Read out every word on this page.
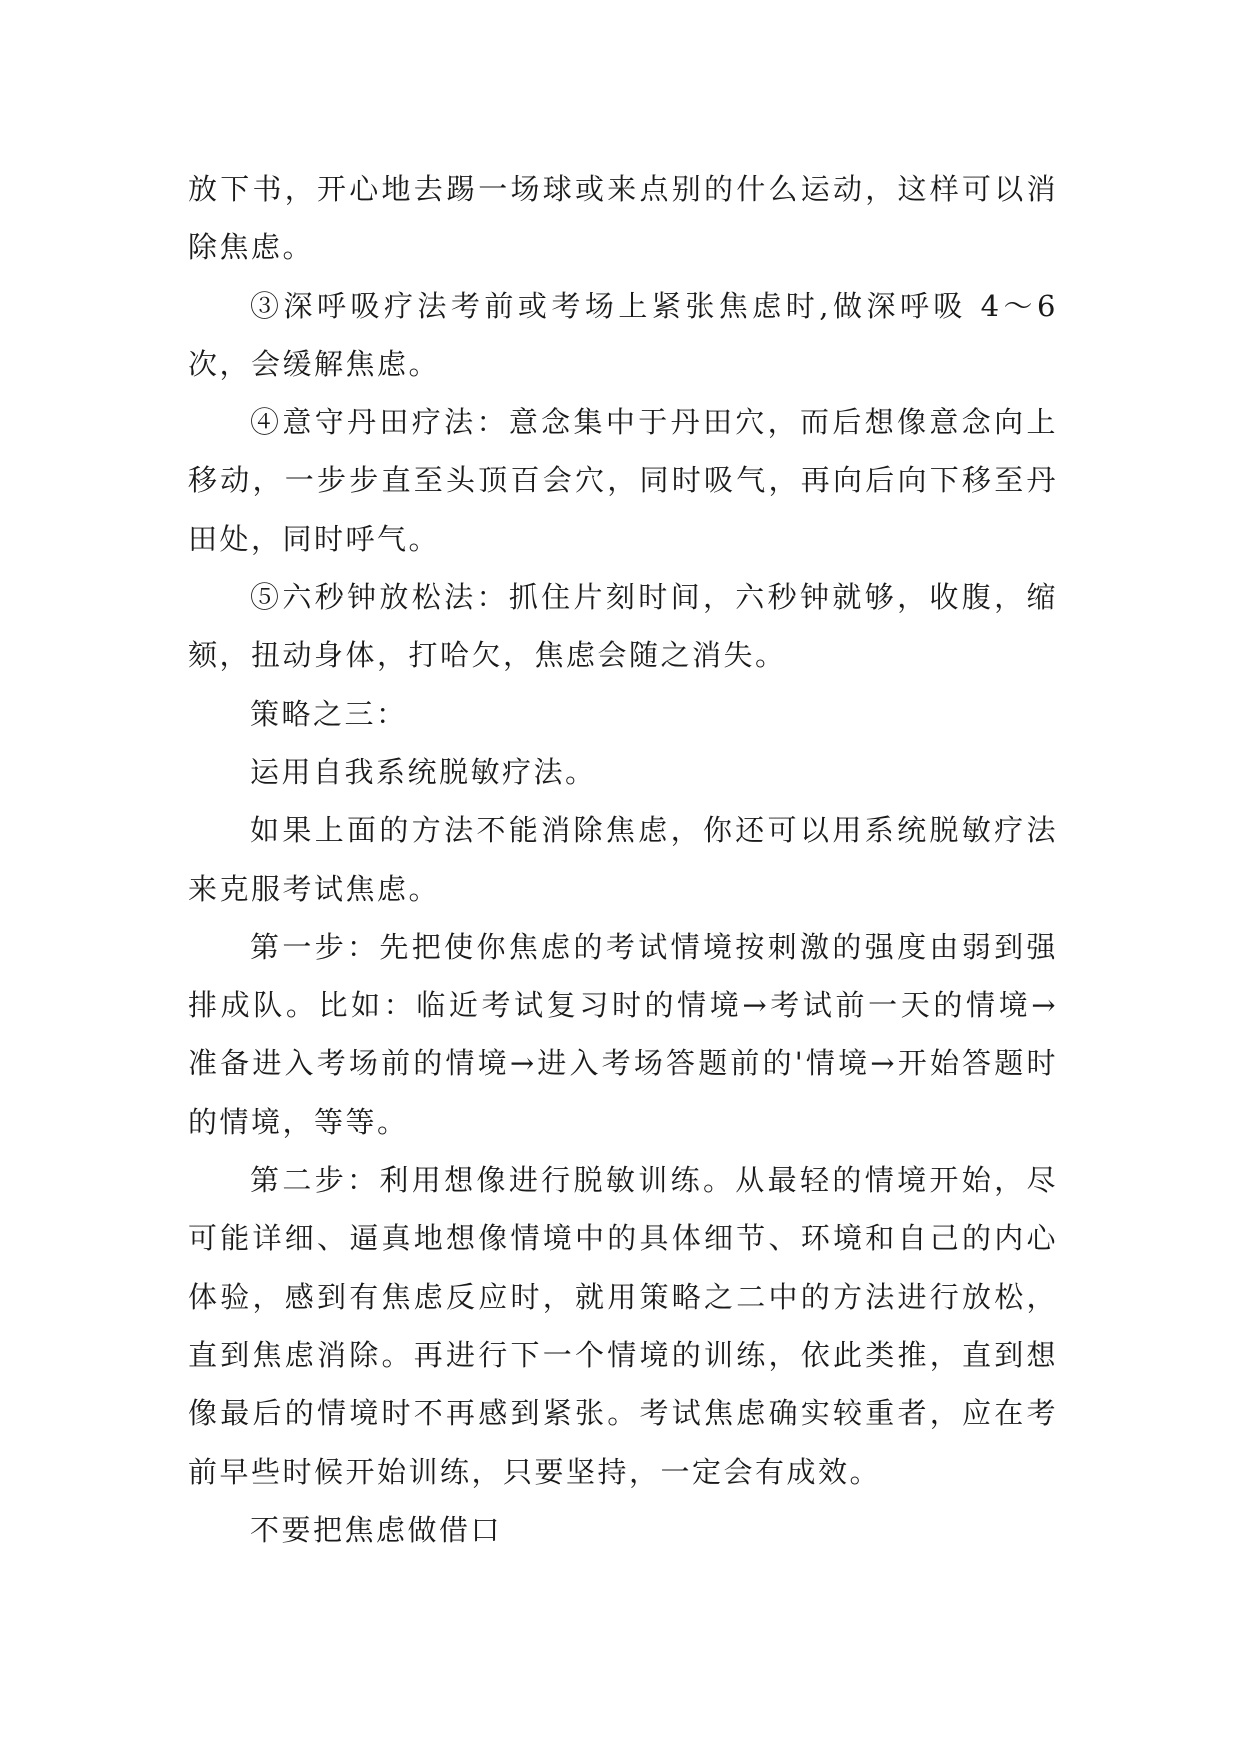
放下书，开心地去踢一场球或来点别的什么运动，这样可以消除焦虑。

③深呼吸疗法考前或考场上紧张焦虑时,做深呼吸 4～6 次，会缓解焦虑。

④意守丹田疗法：意念集中于丹田穴，而后想像意念向上移动，一步步直至头顶百会穴，同时吸气，再向后向下移至丹田处，同时呼气。

⑤六秒钟放松法：抓住片刻时间，六秒钟就够，收腹，缩颏，扭动身体，打哈欠，焦虑会随之消失。

策略之三：

运用自我系统脱敏疗法。

如果上面的方法不能消除焦虑，你还可以用系统脱敏疗法来克服考试焦虑。

第一步：先把使你焦虑的考试情境按刺激的强度由弱到强排成队。比如：临近考试复习时的情境→考试前一天的情境→准备进入考场前的情境→进入考场答题前的'情境→开始答题时的情境，等等。

第二步：利用想像进行脱敏训练。从最轻的情境开始，尽可能详细、逼真地想像情境中的具体细节、环境和自己的内心体验，感到有焦虑反应时，就用策略之二中的方法进行放松，直到焦虑消除。再进行下一个情境的训练，依此类推，直到想像最后的情境时不再感到紧张。考试焦虑确实较重者，应在考前早些时候开始训练，只要坚持，一定会有成效。

不要把焦虑做借口
